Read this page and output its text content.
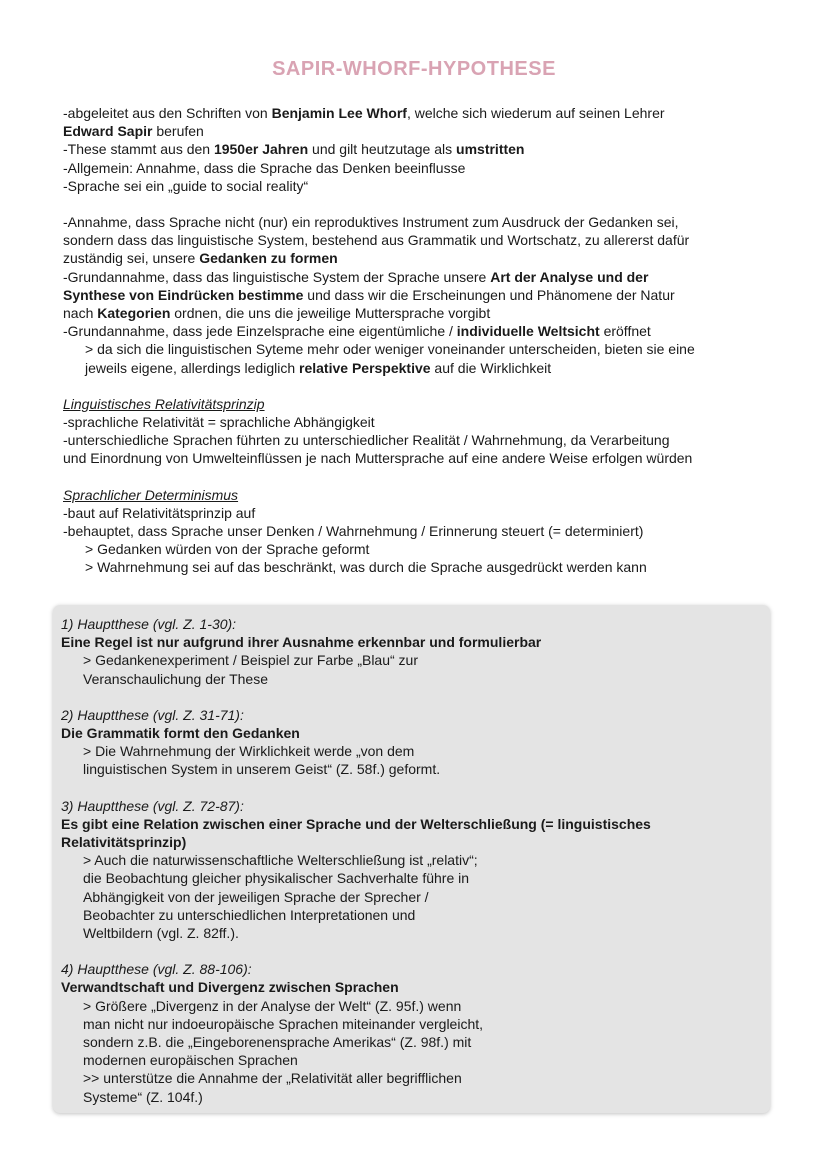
SAPIR-WHORF-HYPOTHESE
-abgeleitet aus den Schriften von Benjamin Lee Whorf, welche sich wiederum auf seinen Lehrer
Edward Sapir berufen
-These stammt aus den 1950er Jahren und gilt heutzutage als umstritten
-Allgemein: Annahme, dass die Sprache das Denken beeinflusse
-Sprache sei ein „guide to social reality“
-Annahme, dass Sprache nicht (nur) ein reproduktives Instrument zum Ausdruck der Gedanken sei,
sondern dass das linguistische System, bestehend aus Grammatik und Wortschatz, zu allererst dafür
zuständig sei, unsere Gedanken zu formen
-Grundannahme, dass das linguistische System der Sprache unsere Art der Analyse und der
Synthese von Eindrücken bestimme und dass wir die Erscheinungen und Phänomene der Natur
nach Kategorien ordnen, die uns die jeweilige Muttersprache vorgibt
-Grundannahme, dass jede Einzelsprache eine eigentümliche / individuelle Weltsicht eröffnet
> da sich die linguistischen Syteme mehr oder weniger voneinander unterscheiden, bieten sie eine
jeweils eigene, allerdings lediglich relative Perspektive auf die Wirklichkeit
Linguistisches Relativitätsprinzip
-sprachliche Relativität = sprachliche Abhängigkeit
-unterschiedliche Sprachen führten zu unterschiedlicher Realität / Wahrnehmung, da Verarbeitung
und Einordnung von Umwelteinflüssen je nach Muttersprache auf eine andere Weise erfolgen würden
Sprachlicher Determinismus
-baut auf Relativitätsprinzip auf
-behauptet, dass Sprache unser Denken / Wahrnehmung / Erinnerung steuert (= determiniert)
> Gedanken würden von der Sprache geformt
> Wahrnehmung sei auf das beschränkt, was durch die Sprache ausgedrückt werden kann
1) Hauptthese (vgl. Z. 1-30):
Eine Regel ist nur aufgrund ihrer Ausnahme erkennbar und formulierbar
> Gedankenexperiment / Beispiel zur Farbe „Blau“ zur
Veranschaulichung der These
2) Hauptthese (vgl. Z. 31-71):
Die Grammatik formt den Gedanken
> Die Wahrnehmung der Wirklichkeit werde „von dem
linguistischen System in unserem Geist“ (Z. 58f.) geformt.
3) Hauptthese (vgl. Z. 72-87):
Es gibt eine Relation zwischen einer Sprache und der Welterschließung (= linguistisches
Relativitätsprinzip)
> Auch die naturwissenschaftliche Welterschließung ist „relativ“;
die Beobachtung gleicher physikalischer Sachverhalte führe in
Abhängigkeit von der jeweiligen Sprache der Sprecher /
Beobachter zu unterschiedlichen Interpretationen und
Weltbildern (vgl. Z. 82ff.).
4) Hauptthese (vgl. Z. 88-106):
Verwandtschaft und Divergenz zwischen Sprachen
> Größere „Divergenz in der Analyse der Welt“ (Z. 95f.) wenn
man nicht nur indoeuropäische Sprachen miteinander vergleicht,
sondern z.B. die „Eingeborenensprache Amerikas“ (Z. 98f.) mit
modernen europäischen Sprachen
>> unterstütze die Annahme der „Relativität aller begrifflichen
Systeme“ (Z. 104f.)
